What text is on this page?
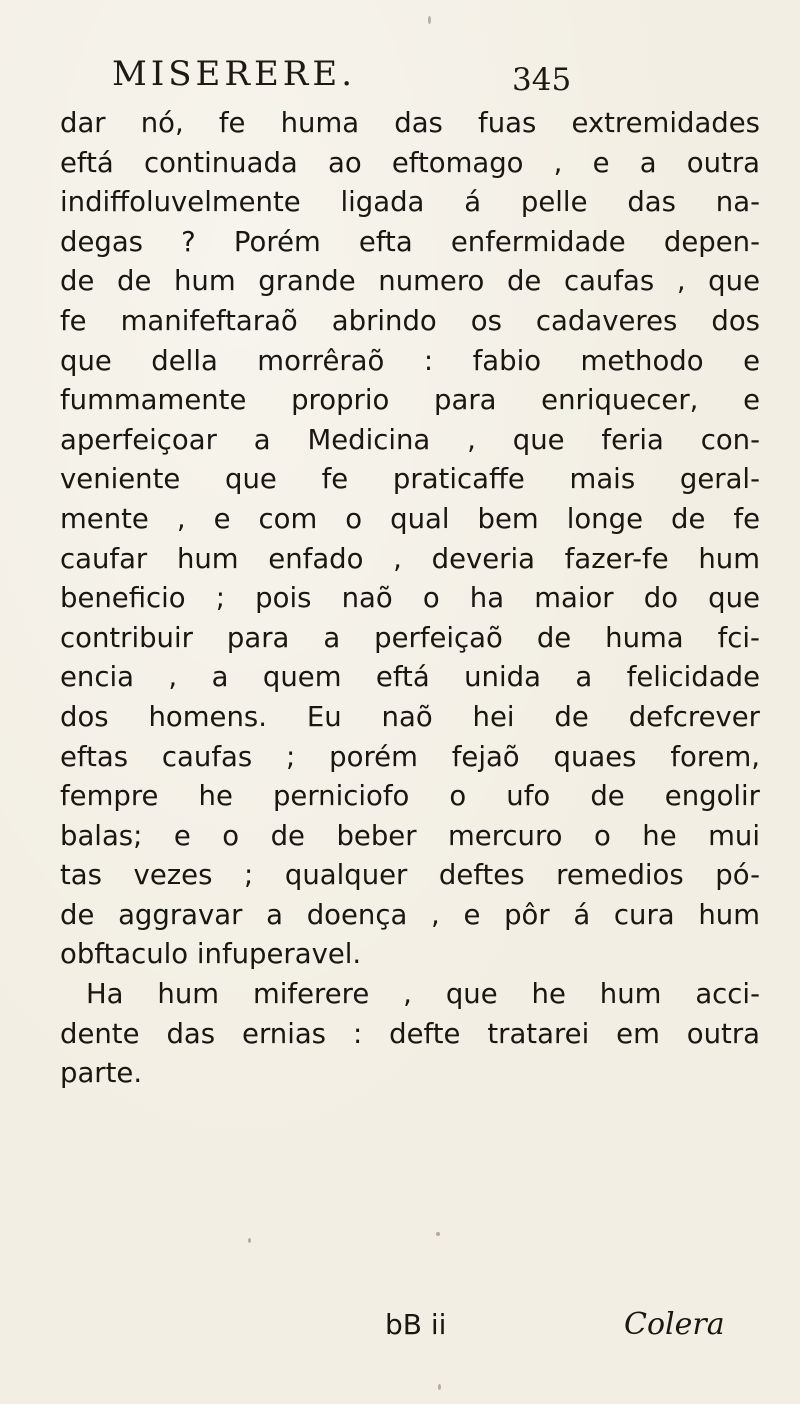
MISERERE.	345
dar nó, fe huma das fuas extremidades
eftá continuada ao eftomago , e a outra
indiffoluvelmente ligada á pelle das na-
degas ? Porém efta enfermidade depen-
de de hum grande numero de caufas , que
fe manifeftaraõ abrindo os cadaveres dos
que della morrêraõ : fabio methodo e
fummamente proprio para enriquecer, e
aperfeiçoar a Medicina , que feria con-
veniente que fe praticaffe mais geral-
mente , e com o qual bem longe de fe
caufar hum enfado , deveria fazer-fe hum
beneficio ; pois naõ o ha maior do que
contribuir para a perfeiçaõ de huma fci-
encia , a quem eftá unida a felicidade
dos homens. Eu naõ hei de defcrever
eftas caufas ; porém fejaõ quaes forem,
fempre he perniciofo o ufo de engolir
balas; e o de beber mercuro o he mui
tas vezes ; qualquer deftes remedios pó-
de aggravar a doença , e pôr á cura hum
obftaculo infuperavel.
Ha hum miferere , que he hum acci-
dente das ernias : defte tratarei em outra
parte.
bB ii	Colera
